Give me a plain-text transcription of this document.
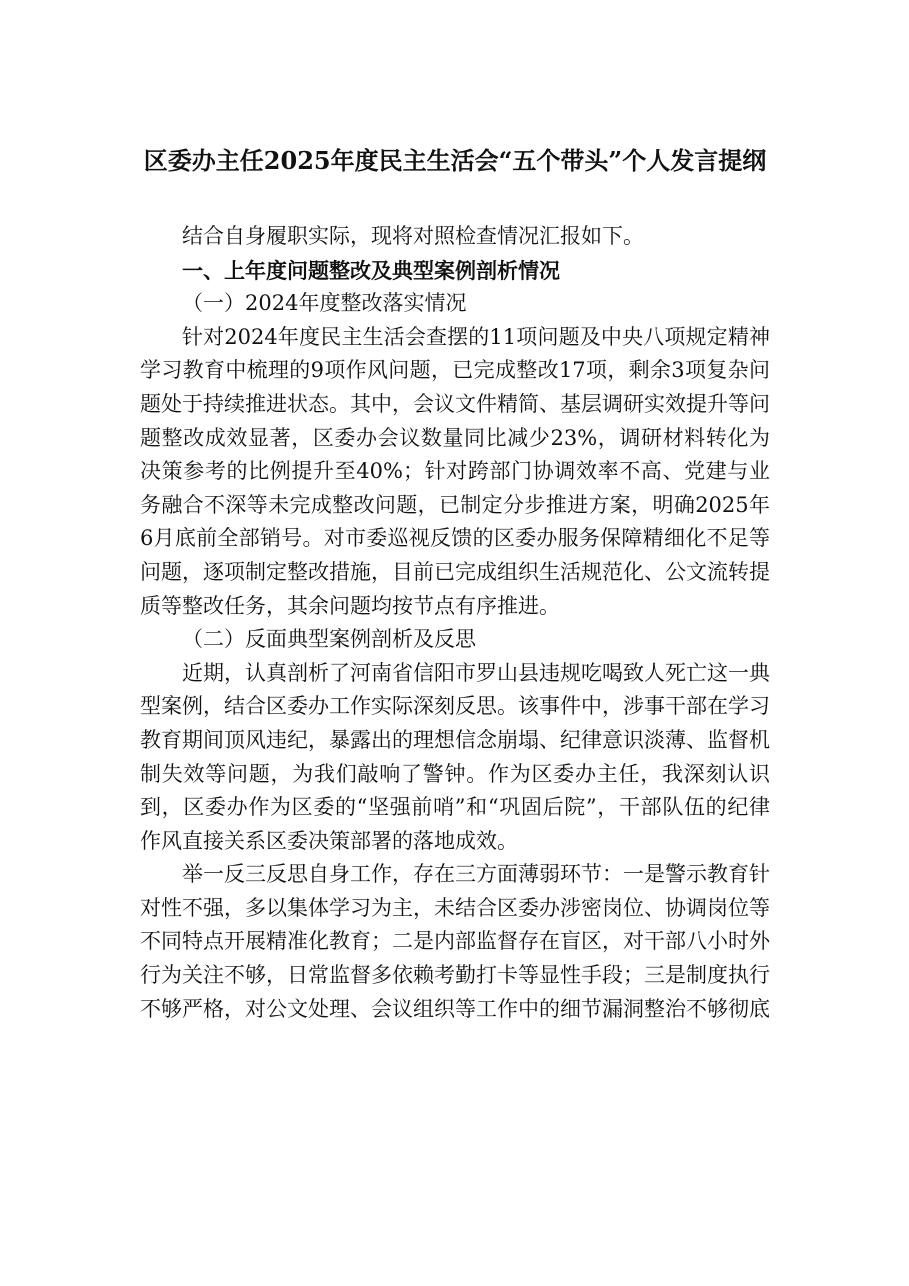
区委办主任2025年度民主生活会“五个带头”个人发言提纲

结合自身履职实际，现将对照检查情况汇报如下。

一、上年度问题整改及典型案例剖析情况

（一）2024年度整改落实情况

针对2024年度民主生活会查摆的11项问题及中央八项规定精神学习教育中梳理的9项作风问题，已完成整改17项，剩余3项复杂问题处于持续推进状态。其中，会议文件精简、基层调研实效提升等问题整改成效显著，区委办会议数量同比减少23%，调研材料转化为决策参考的比例提升至40%；针对跨部门协调效率不高、党建与业务融合不深等未完成整改问题，已制定分步推进方案，明确2025年6月底前全部销号。对市委巡视反馈的区委办服务保障精细化不足等问题，逐项制定整改措施，目前已完成组织生活规范化、公文流转提质等整改任务，其余问题均按节点有序推进。

（二）反面典型案例剖析及反思

近期，认真剖析了河南省信阳市罗山县违规吃喝致人死亡这一典型案例，结合区委办工作实际深刻反思。该事件中，涉事干部在学习教育期间顶风违纪，暴露出的理想信念崩塌、纪律意识淡薄、监督机制失效等问题，为我们敲响了警钟。作为区委办主任，我深刻认识到，区委办作为区委的“坚强前哨”和“巩固后院”，干部队伍的纪律作风直接关系区委决策部署的落地成效。

举一反三反思自身工作，存在三方面薄弱环节：一是警示教育针对性不强，多以集体学习为主，未结合区委办涉密岗位、协调岗位等不同特点开展精准化教育；二是内部监督存在盲区，对干部八小时外行为关注不够，日常监督多依赖考勤打卡等显性手段；三是制度执行不够严格，对公文处理、会议组织等工作中的细节漏洞整治不够彻底
